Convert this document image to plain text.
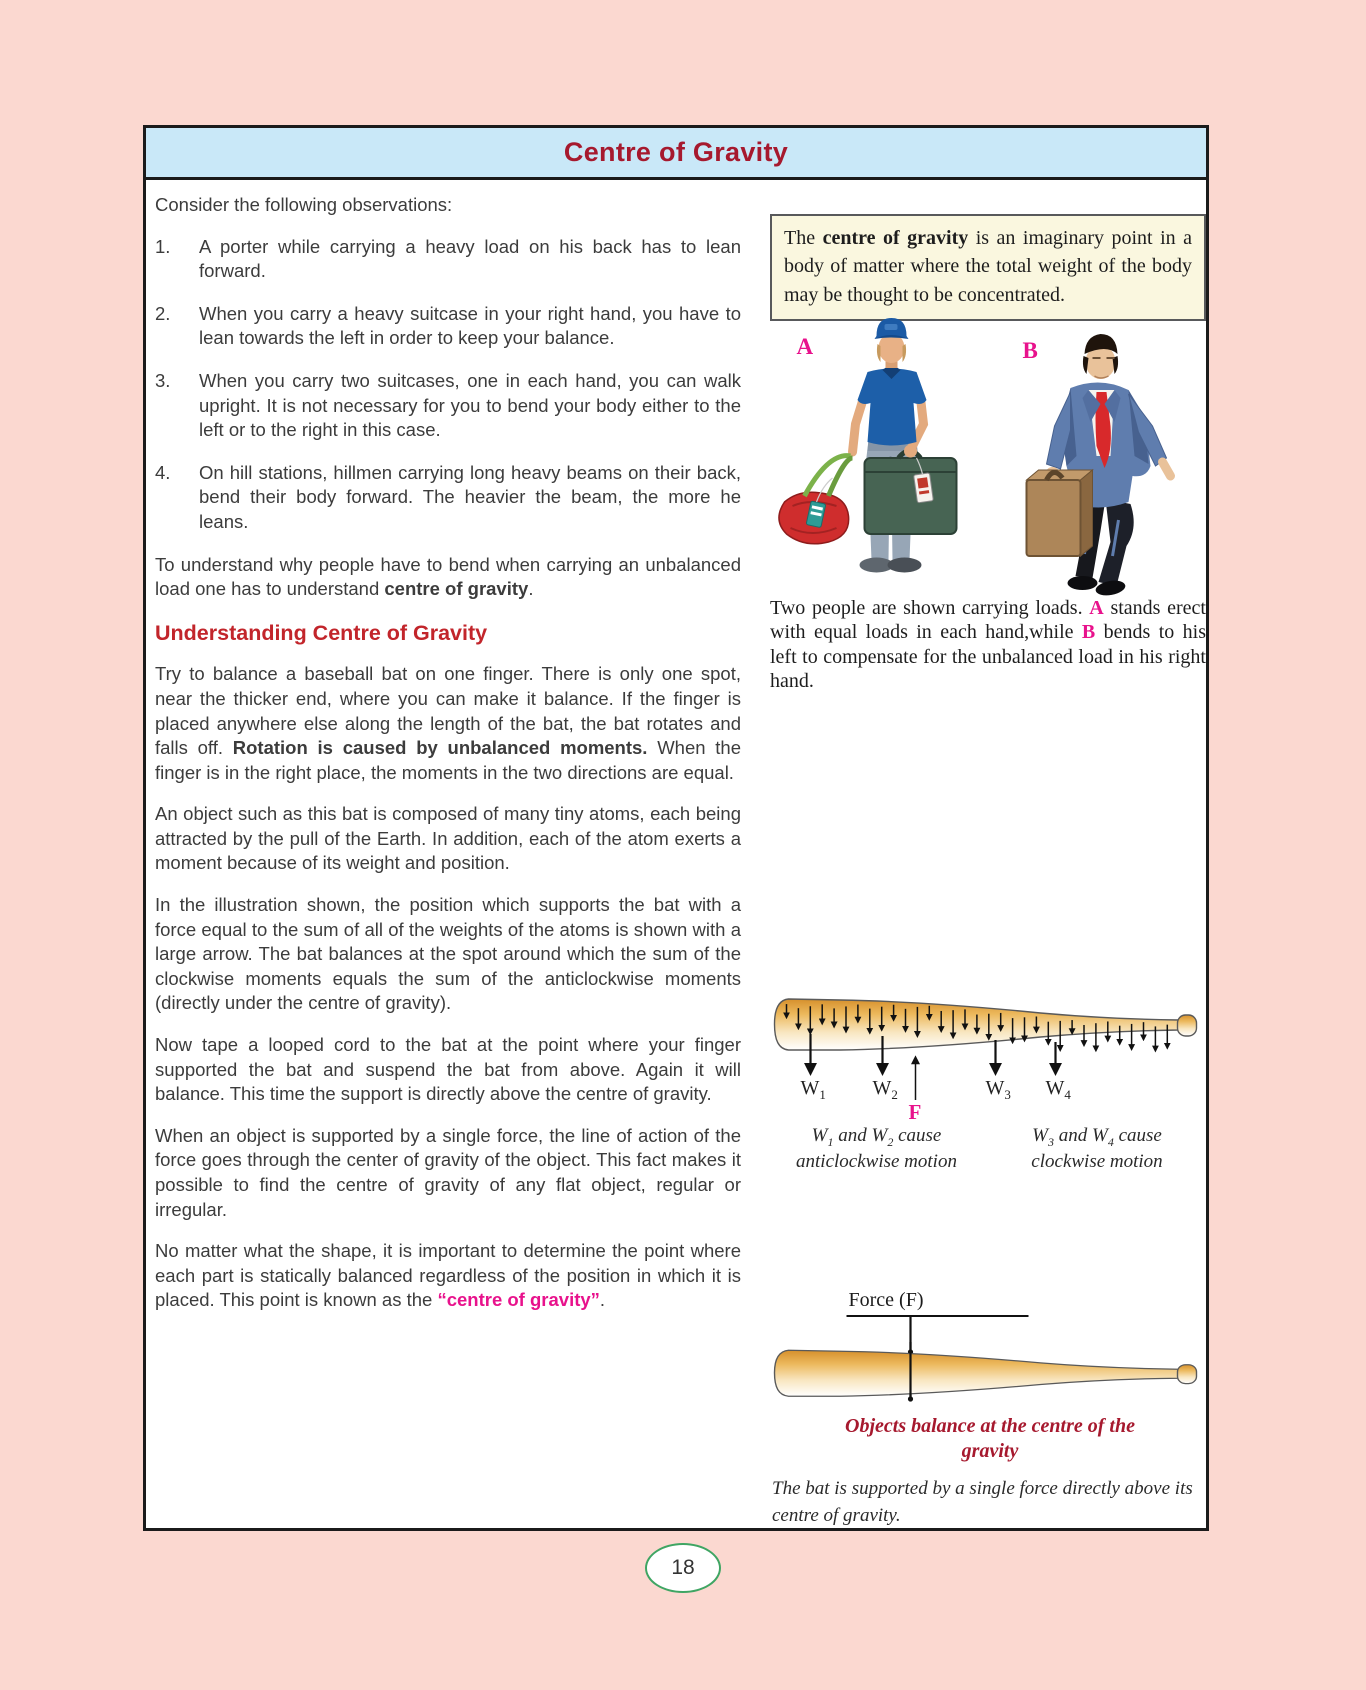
Centre of Gravity

Consider the following observations:

1.	A porter while carrying a heavy load on his back has to lean forward.
2.	When you carry a heavy suitcase in your right hand, you have to lean towards the left in order to keep your balance.
3.	When you carry two suitcases, one in each hand, you can walk upright. It is not necessary for you to bend your body either to the left or to the right in this case.
4.	On hill stations, hillmen carrying long heavy beams on their back, bend their body forward. The heavier the beam, the more he leans.

To understand why people have to bend when carrying an unbalanced load one has to understand centre of gravity.

Understanding Centre of Gravity

Try to balance a baseball bat on one finger. There is only one spot, near the thicker end, where you can make it balance. If the finger is placed anywhere else along the length of the bat, the bat rotates and falls off. Rotation is caused by unbalanced moments. When the finger is in the right place, the moments in the two directions are equal.

An object such as this bat is composed of many tiny atoms, each being attracted by the pull of the Earth. In addition, each of the atom exerts a moment because of its weight and position.

In the illustration shown, the position which supports the bat with a force equal to the sum of all of the weights of the atoms is shown with a large arrow. The bat balances at the spot around which the sum of the clockwise moments equals the sum of the anticlockwise moments (directly under the centre of gravity).

Now tape a looped cord to the bat at the point where your finger supported the bat and suspend the bat from above. Again it will balance. This time the support is directly above the centre of gravity.

When an object is supported by a single force, the line of action of the force goes through the center of gravity of the object. This fact makes it possible to find the centre of gravity of any flat object, regular or irregular.

No matter what the shape, it is important to determine the point where each part is statically balanced regardless of the position in which it is placed. This point is known as the “centre of gravity”.

The centre of gravity is an imaginary point in a body of matter where the total weight of the body may be thought to be concentrated.
A	B
Two people are shown carrying loads. A stands erect with equal loads in each hand,while B bends to his left to compensate for the unbalanced load in his right hand.
$W_1$ $W_2$	$W_3$ $W_4$
F
$W_1$ and $W_2$ cause anticlockwise motion
$W_3$ and $W_4$ cause clockwise motion
Force (F)
Objects balance at the centre of the gravity
The bat is supported by a single force directly above its centre of gravity.
18
